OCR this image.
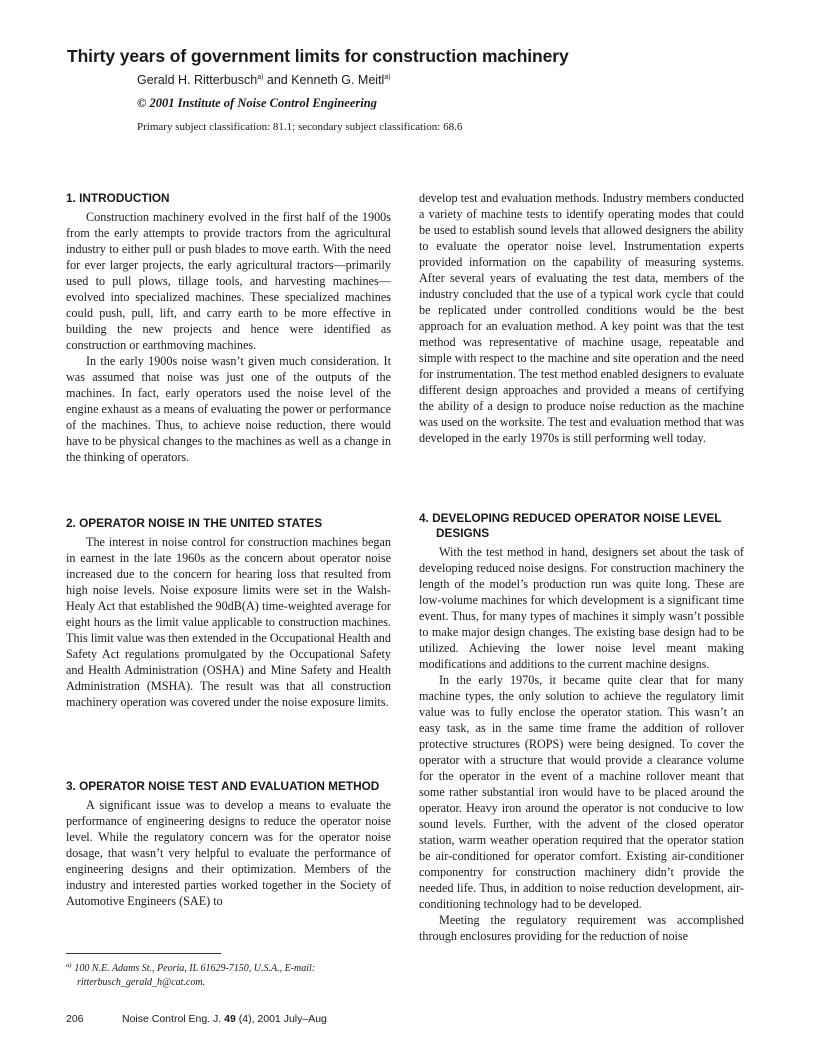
Thirty years of government limits for construction machinery
Gerald H. Ritterbusch$^{a)}$ and Kenneth G. Meitl$^{a)}$
© 2001 Institute of Noise Control Engineering
Primary subject classification: 81.1; secondary subject classification: 68.6
1. INTRODUCTION

Construction machinery evolved in the first half of the 1900s from the early attempts to provide tractors from the agricultural industry to either pull or push blades to move earth. With the need for ever larger projects, the early agricultural tractors—primarily used to pull plows, tillage tools, and harvesting machines—evolved into specialized machines. These specialized machines could push, pull, lift, and carry earth to be more effective in building the new projects and hence were identified as construction or earthmoving machines.

In the early 1900s noise wasn’t given much consideration. It was assumed that noise was just one of the outputs of the machines. In fact, early operators used the noise level of the engine exhaust as a means of evaluating the power or performance of the machines. Thus, to achieve noise reduction, there would have to be physical changes to the machines as well as a change in the thinking of operators.

2. OPERATOR NOISE IN THE UNITED STATES

The interest in noise control for construction machines began in earnest in the late 1960s as the concern about operator noise increased due to the concern for hearing loss that resulted from high noise levels. Noise exposure limits were set in the Walsh-Healy Act that established the 90dB(A) time-weighted average for eight hours as the limit value applicable to construction machines. This limit value was then extended in the Occupational Health and Safety Act regulations promulgated by the Occupational Safety and Health Administration (OSHA) and Mine Safety and Health Administration (MSHA). The result was that all construction machinery operation was covered under the noise exposure limits.

3. OPERATOR NOISE TEST AND EVALUATION METHOD

A significant issue was to develop a means to evaluate the performance of engineering designs to reduce the operator noise level. While the regulatory concern was for the operator noise dosage, that wasn’t very helpful to evaluate the performance of engineering designs and their optimization. Members of the industry and interested parties worked together in the Society of Automotive Engineers (SAE) to

develop test and evaluation methods. Industry members conducted a variety of machine tests to identify operating modes that could be used to establish sound levels that allowed designers the ability to evaluate the operator noise level. Instrumentation experts provided information on the capability of measuring systems. After several years of evaluating the test data, members of the industry concluded that the use of a typical work cycle that could be replicated under controlled conditions would be the best approach for an evaluation method. A key point was that the test method was representative of machine usage, repeatable and simple with respect to the machine and site operation and the need for instrumentation. The test method enabled designers to evaluate different design approaches and provided a means of certifying the ability of a design to produce noise reduction as the machine was used on the worksite. The test and evaluation method that was developed in the early 1970s is still performing well today.

4. DEVELOPING REDUCED OPERATOR NOISE LEVEL DESIGNS

With the test method in hand, designers set about the task of developing reduced noise designs. For construction machinery the length of the model’s production run was quite long. These are low-volume machines for which development is a significant time event. Thus, for many types of machines it simply wasn’t possible to make major design changes. The existing base design had to be utilized. Achieving the lower noise level meant making modifications and additions to the current machine designs.

In the early 1970s, it became quite clear that for many machine types, the only solution to achieve the regulatory limit value was to fully enclose the operator station. This wasn’t an easy task, as in the same time frame the addition of rollover protective structures (ROPS) were being designed. To cover the operator with a structure that would provide a clearance volume for the operator in the event of a machine rollover meant that some rather substantial iron would have to be placed around the operator. Heavy iron around the operator is not conducive to low sound levels. Further, with the advent of the closed operator station, warm weather operation required that the operator station be air-conditioned for operator comfort. Existing air-conditioner componentry for construction machinery didn’t provide the needed life. Thus, in addition to noise reduction development, air-conditioning technology had to be developed.

Meeting the regulatory requirement was accomplished through enclosures providing for the reduction of noise

$^{a)}$ 100 N.E. Adams St., Peoria, IL 61629-7150, U.S.A., E-mail:
ritterbusch_gerald_h@cat.com.
206	Noise Control Eng. J. 49 (4), 2001 July–Aug
